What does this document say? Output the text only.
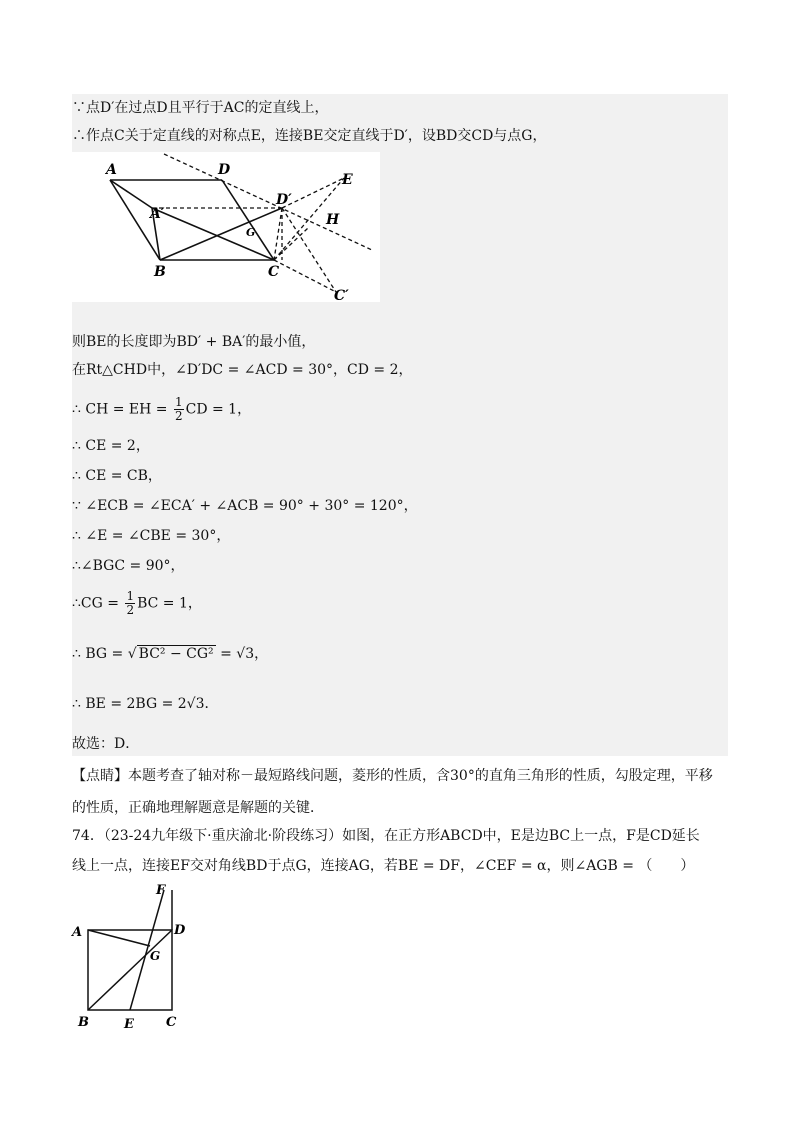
∵点D′在过点D且平行于AC的定直线上，
∴作点C关于定直线的对称点E，连接BE交定直线于D′，设BD交CD与点G，
A	D
D′
E
A′
G
H
B	C
C′
则BE的长度即为BD′ + BA′的最小值，
在Rt△CHD中，∠D′DC = ∠ACD = 30°，CD = 2，
∴ CH = EH = $\frac{1}{2}$ CD = 1，
∴ CE = 2，
∴ CE = CB，
∵ ∠ECB = ∠ECA′ + ∠ACB = 90° + 30° = 120°，
∴ ∠E = ∠CBE = 30°，
∴∠BGC = 90°，
∴CG = $\frac{1}{2}$ BC = 1，
∴ BG = √ BC² − CG² = √3，
∴ BE = 2BG = 2√3．
故选：D．
【点睛】本题考查了轴对称－最短路线问题，菱形的性质，含30°的直角三角形的性质，勾股定理，平移
的性质，正确地理解题意是解题的关键．
74．（23-24九年级下·重庆渝北·阶段练习）如图，在正方形ABCD中，E是边BC上一点，F是CD延长
线上一点，连接EF交对角线BD于点G，连接AG，若BE = DF，∠CEF = α，则∠AGB = （　　）
F
A	D
G
B	E C
